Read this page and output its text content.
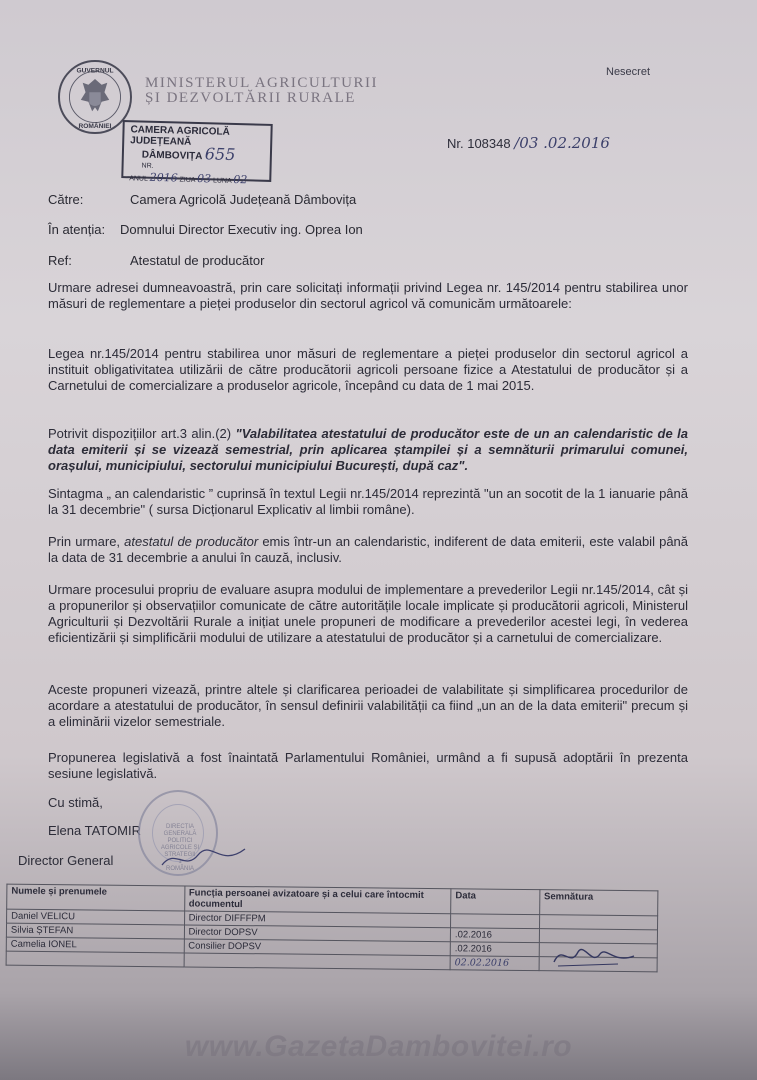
GUVERNUL
ROMÂNIEI
MINISTERUL AGRICULTURII
ȘI DEZVOLTĂRII RURALE
Nesecret
CAMERA AGRICOLĂ JUDEȚEANĂ
DÂMBOVIȚA 655
NR.
ANUL 2016 ZIUA 03 LUNA 02
Nr. 108348 /03 .02.2016
Către:	Camera Agricolă Județeană Dâmbovița
În atenția: Domnului Director Executiv ing. Oprea Ion
Ref:	Atestatul de producător
Urmare adresei dumneavoastră, prin care solicitați informații privind Legea nr. 145/2014 pentru stabilirea unor măsuri de reglementare a pieței produselor din sectorul agricol vă comunicăm următoarele:
Legea nr.145/2014 pentru stabilirea unor măsuri de reglementare a pieței produselor din sectorul agricol a instituit obligativitatea utilizării de către producătorii agricoli persoane fizice a Atestatului de producător și a Carnetului de comercializare a produselor agricole, începând cu data de 1 mai 2015.
Potrivit dispozițiilor art.3 alin.(2) "Valabilitatea atestatului de producător este de un an calendaristic de la data emiterii și se vizează semestrial, prin aplicarea ștampilei și a semnăturii primarului comunei, orașului, municipiului, sectorului municipiului București, după caz".
Sintagma „ an calendaristic ” cuprinsă în textul Legii nr.145/2014 reprezintă "un an socotit de la 1 ianuarie până la 31 decembrie" ( sursa Dicționarul Explicativ al limbii române).
Prin urmare, atestatul de producător emis într-un an calendaristic, indiferent de data emiterii, este valabil până la data de 31 decembrie a anului în cauză, inclusiv.
Urmare procesului propriu de evaluare asupra modului de implementare a prevederilor Legii nr.145/2014, cât și a propunerilor și observațiilor comunicate de către autoritățile locale implicate și producătorii agricoli, Ministerul Agriculturii și Dezvoltării Rurale a inițiat unele propuneri de modificare a prevederilor acestei legi, în vederea eficientizării și simplificării modului de utilizare a atestatului de producător și a carnetului de comercializare.
Aceste propuneri vizează, printre altele și clarificarea perioadei de valabilitate și simplificarea procedurilor de acordare a atestatului de producător, în sensul definirii valabilității ca fiind „un an de la data emiterii" precum și a eliminării vizelor semestriale.
Propunerea legislativă a fost înaintată Parlamentului României, urmând a fi supusă adoptării în prezenta sesiune legislativă.
Cu stimă,
Elena TATOMIR
Director General
DIRECȚIA GENERALĂ POLITICI AGRICOLE ȘI STRATEGII
1
ROMÂNIA
Numele și prenumele	Funcția persoanei avizatoare și a celui care întocmit documentul	Data	Semnătura
Daniel VELICU	Director DIFFFPM		
Silvia ȘTEFAN	Director DOPSV	.02.2016	
Camelia IONEL	Consilier DOPSV	.02.2016	
		02.02.2016	
www.GazetaDambovitei.ro
